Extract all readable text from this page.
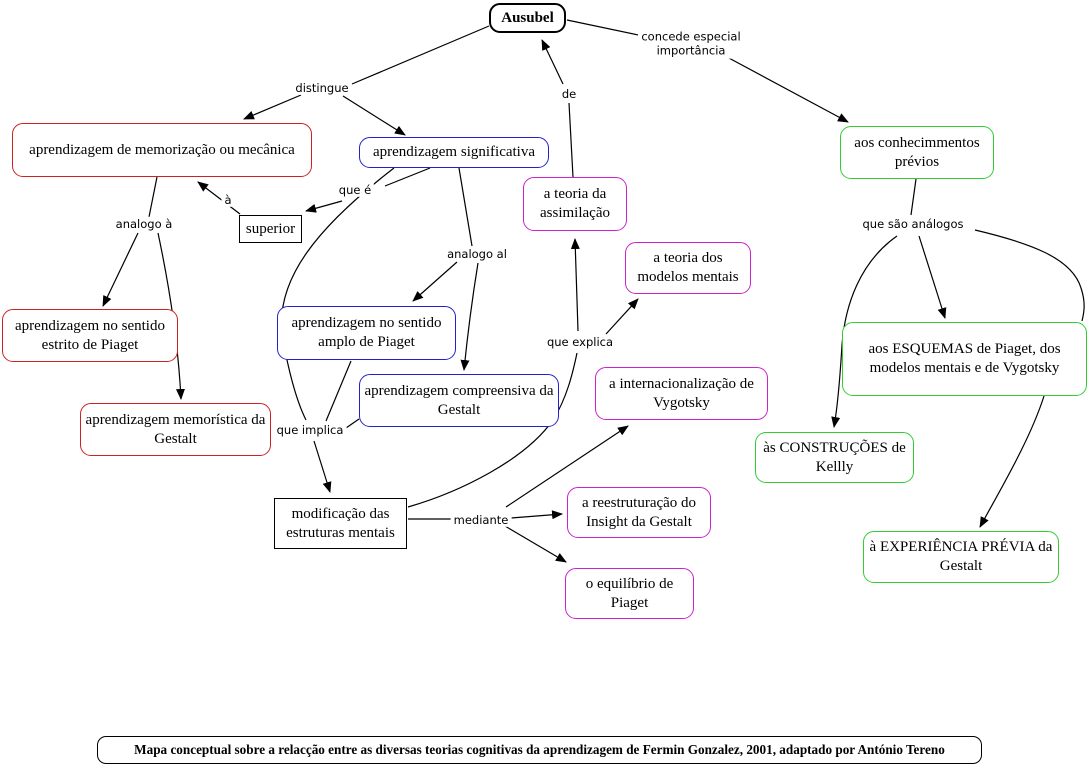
Ausubel
aprendizagem de memorização ou mecânica	aprendizagem significativa
superior
a teoria da assimilação
a teoria dos modelos mentais
aprendizagem no sentido estrito de Piaget
aprendizagem no sentido amplo de Piaget
aprendizagem compreensiva da Gestalt
aprendizagem memorística da Gestalt
a internacionalização de Vygotsky
modificação das estruturas mentais
a reestruturação do Insight da Gestalt
o equilíbrio de Piaget
aos conhecimmentos prévios
aos ESQUEMAS de Piaget, dos modelos mentais e de Vygotsky
às CONSTRUÇÕES de Kellly
à EXPERIÊNCIA PRÉVIA da Gestalt
distingue
concede especial importância
de
que é
à
analogo à
analogo al
que explica
que implica
mediante
que são análogos
Mapa conceptual sobre a relacção entre as diversas teorias cognitivas da aprendizagem de Fermin Gonzalez, 2001, adaptado por António Tereno
